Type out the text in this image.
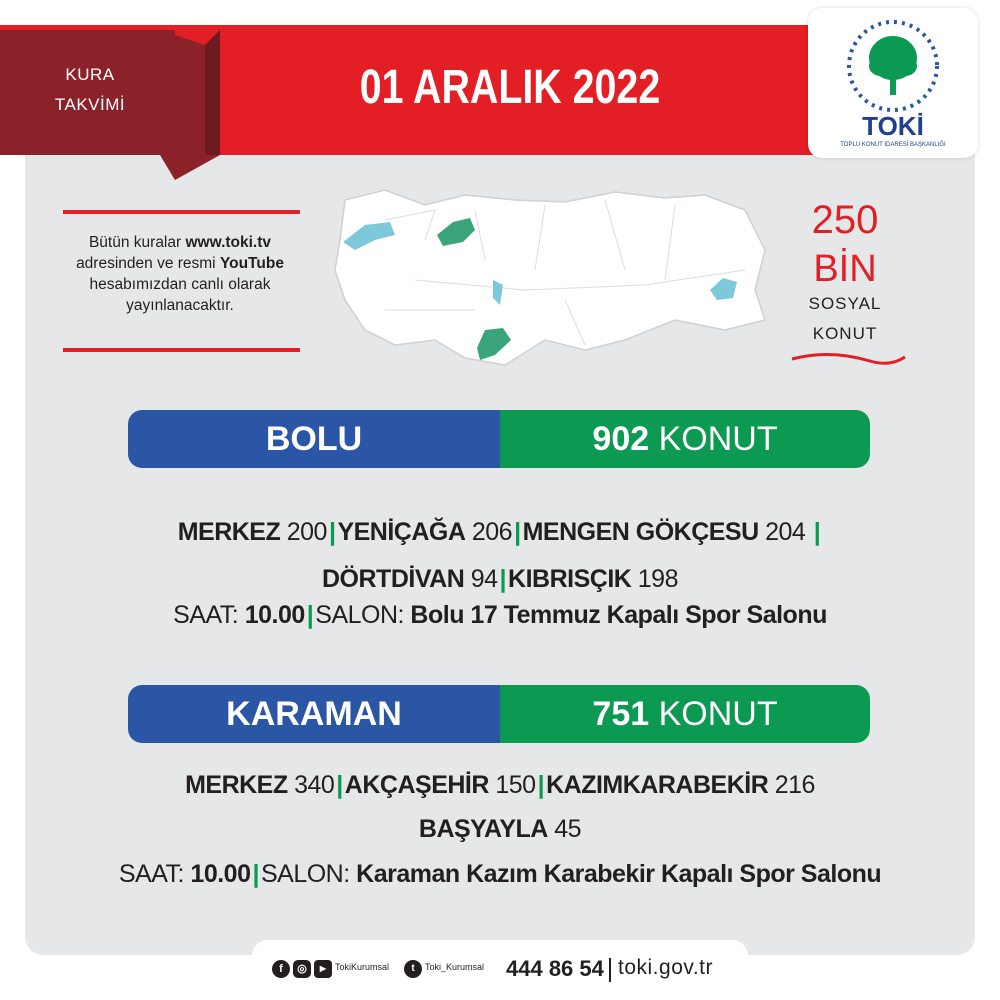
KURA
TAKVİMİ	01 ARALIK 2022
TOKİ
TOPLU KONUT İDARESİ BAŞKANLIĞI
Bütün kuralar www.toki.tv adresinden ve resmi YouTube hesabımızdan canlı olarak yayınlanacaktır.
250
BİN
SOSYAL
KONUT
BOLU	902 KONUT
MERKEZ 200|YENİÇAĞA 206|MENGEN GÖKÇESU 204 |
DÖRTDİVAN 94|KIBRISÇIK 198
SAAT: 10.00|SALON: Bolu 17 Temmuz Kapalı Spor Salonu
KARAMAN	751 KONUT
MERKEZ 340|AKÇAŞEHİR 150|KAZIMKARABEKİR 216
BAŞYAYLA 45
SAAT: 10.00|SALON: Karaman Kazım Karabekir Kapalı Spor Salonu
f	◎	▶ TokiKurumsal	t	Toki_Kurumsal 444 86 54 toki.gov.tr
